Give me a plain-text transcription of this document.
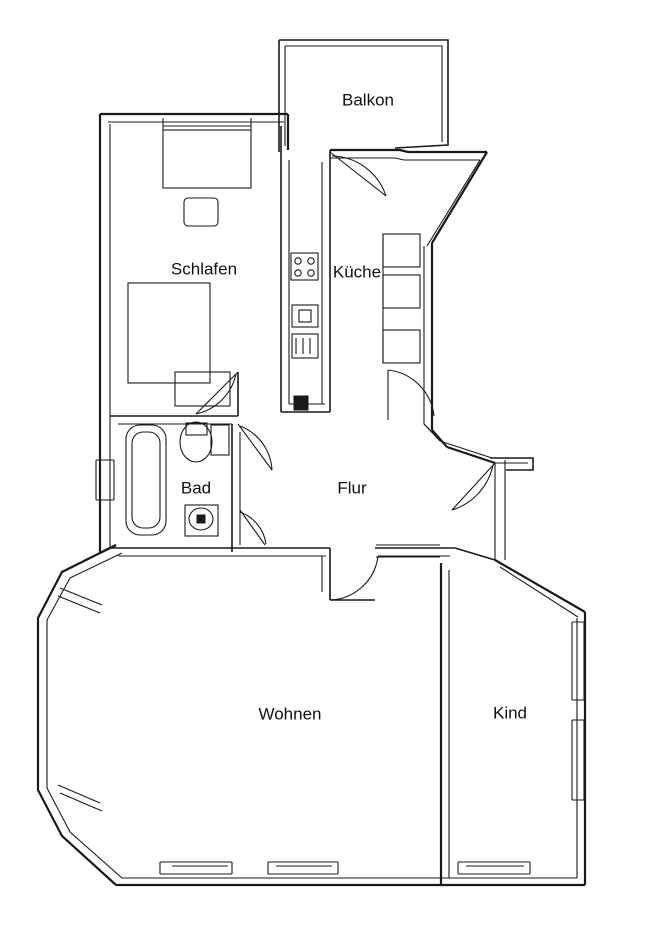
Balkon
Schlafen	Küche
Bad	Flur
Wohnen	Kind
